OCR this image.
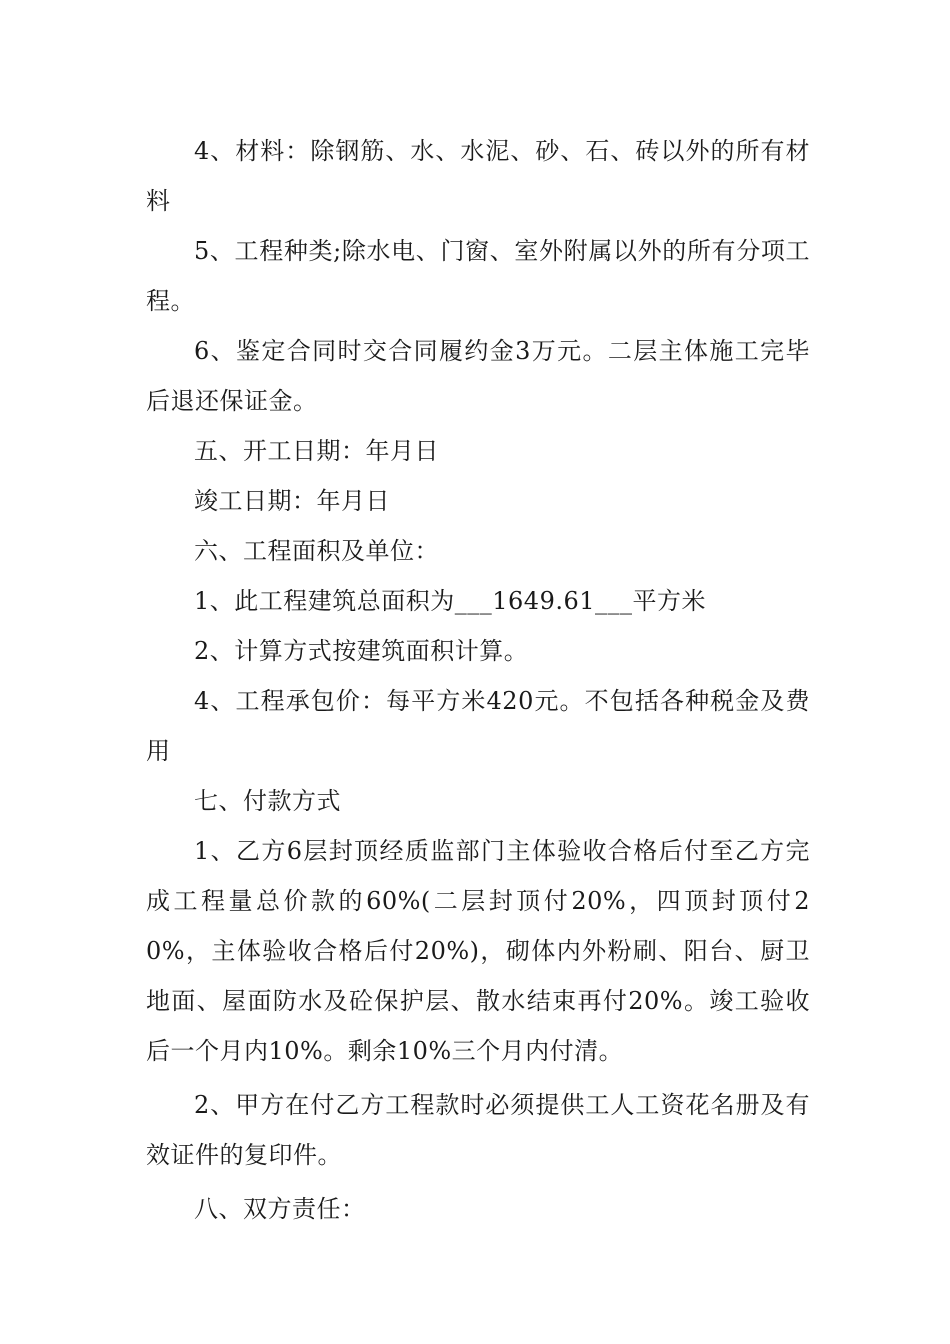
4、材料：除钢筋、水、水泥、砂、石、砖以外的所有材料

5、工程种类;除水电、门窗、室外附属以外的所有分项工程。

6、鉴定合同时交合同履约金3万元。二层主体施工完毕后退还保证金。

五、开工日期：年月日

竣工日期：年月日

六、工程面积及单位：

1、此工程建筑总面积为___1649.61___平方米

2、计算方式按建筑面积计算。

4、工程承包价：每平方米420元。不包括各种税金及费用

七、付款方式

1、乙方6层封顶经质监部门主体验收合格后付至乙方完成工程量总价款的60%(二层封顶付20%，四顶封顶付20%，主体验收合格后付20%)，砌体内外粉刷、阳台、厨卫地面、屋面防水及砼保护层、散水结束再付20%。竣工验收后一个月内10%。剩余10%三个月内付清。

2、甲方在付乙方工程款时必须提供工人工资花名册及有效证件的复印件。

八、双方责任：
